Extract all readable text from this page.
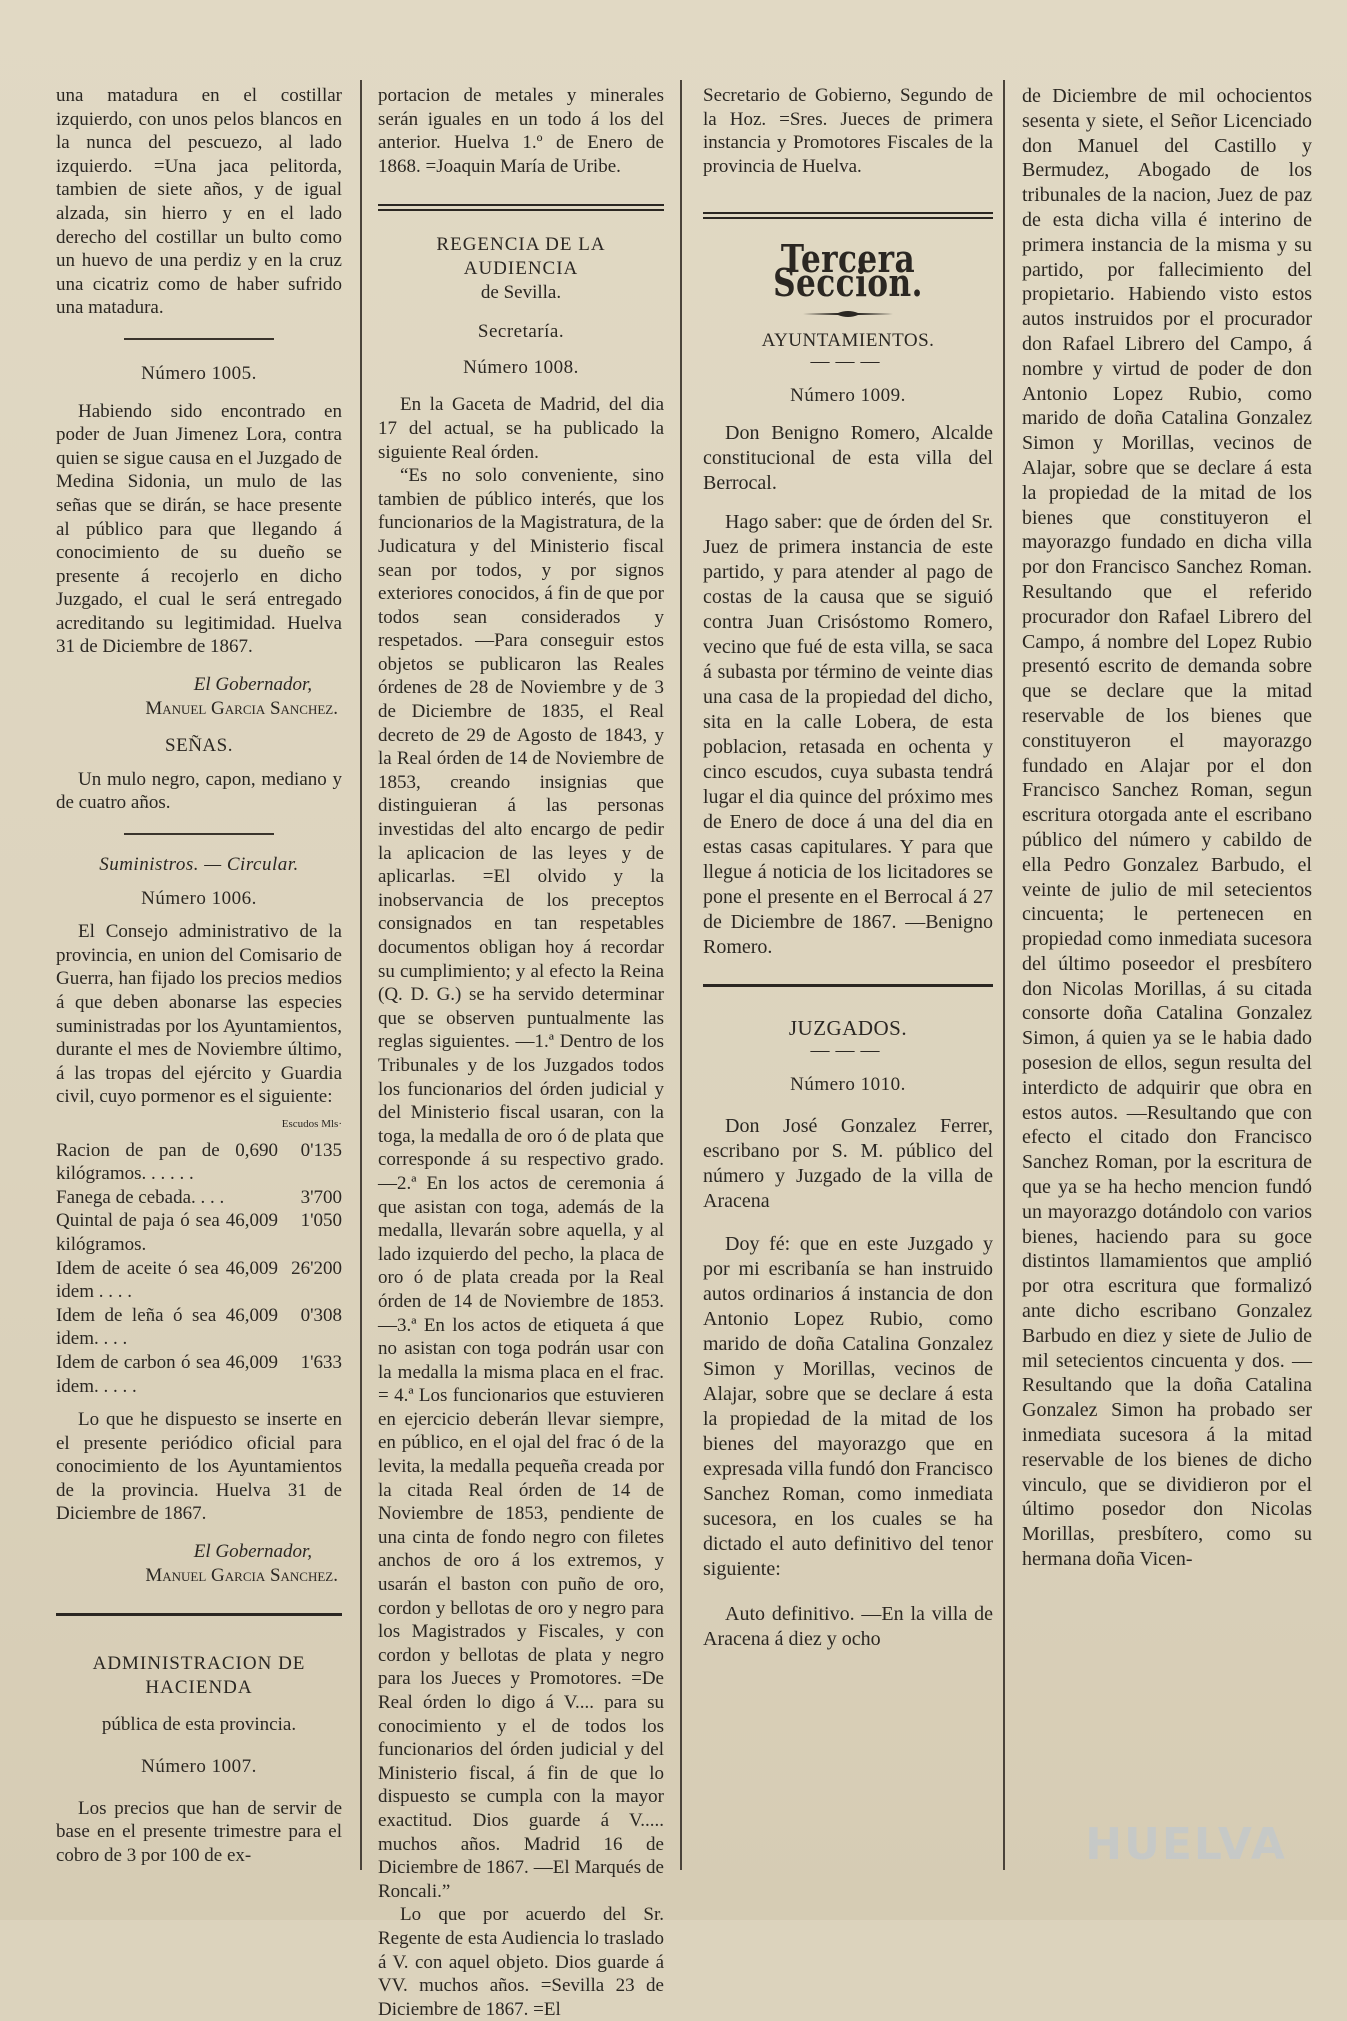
una matadura en el costillar izquierdo, con unos pelos blancos en la nunca del pescuezo, al lado izquierdo. =Una jaca pelitorda, tambien de siete años, y de igual alzada, sin hierro y en el lado derecho del costillar un bulto como un huevo de una perdiz y en la cruz una cicatriz como de haber sufrido una matadura.

Número 1005.

Habiendo sido encontrado en poder de Juan Jimenez Lora, contra quien se sigue causa en el Juzgado de Medina Sidonia, un mulo de las señas que se dirán, se hace presente al público para que llegando á conocimiento de su dueño se presente á recojerlo en dicho Juzgado, el cual le será entregado acreditando su legitimidad. Huelva 31 de Diciembre de 1867.

El Gobernador,
Manuel Garcia Sanchez.
SEÑAS.

Un mulo negro, capon, mediano y de cuatro años.

Suministros. — Circular.
Número 1006.

El Consejo administrativo de la provincia, en union del Comisario de Guerra, han fijado los precios medios á que deben abonarse las especies suministradas por los Ayuntamientos, durante el mes de Noviembre último, á las tropas del ejército y Guardia civil, cuyo pormenor es el siguiente:

Escudos Mls·
Racion de pan de 0,690 kilógramos. . . . . .
0'135
Fanega de cebada. . . .	3'700
Quintal de paja ó sea 46,009 kilógramos.
1'050
Idem de aceite ó sea 46,009 idem . . . .
26'200
Idem de leña ó sea 46,009 idem. . . .
0'308
Idem de carbon ó sea 46,009 idem. . . . .
1'633

Lo que he dispuesto se inserte en el presente periódico oficial para conocimiento de los Ayuntamientos de la provincia. Huelva 31 de Diciembre de 1867.

El Gobernador,
Manuel Garcia Sanchez.
ADMINISTRACION DE HACIENDA
pública de esta provincia.
Número 1007.

Los precios que han de servir de base en el presente trimestre para el cobro de 3 por 100 de ex-

portacion de metales y minerales serán iguales en un todo á los del anterior. Huelva 1.º de Enero de 1868. =Joaquin María de Uribe.

REGENCIA DE LA AUDIENCIA
de Sevilla.
Secretaría.
Número 1008.

En la Gaceta de Madrid, del dia 17 del actual, se ha publicado la siguiente Real órden.

“Es no solo conveniente, sino tambien de público interés, que los funcionarios de la Magistratura, de la Judicatura y del Ministerio fiscal sean por todos, y por signos exteriores conocidos, á fin de que por todos sean considerados y respetados. —Para conseguir estos objetos se publicaron las Reales órdenes de 28 de Noviembre y de 3 de Diciembre de 1835, el Real decreto de 29 de Agosto de 1843, y la Real órden de 14 de Noviembre de 1853, creando insignias que distinguieran á las personas investidas del alto encargo de pedir la aplicacion de las leyes y de aplicarlas. =El olvido y la inobservancia de los preceptos consignados en tan respetables documentos obligan hoy á recordar su cumplimiento; y al efecto la Reina (Q. D. G.) se ha servido determinar que se observen puntualmente las reglas siguientes. —1.ª Dentro de los Tribunales y de los Juzgados todos los funcionarios del órden judicial y del Ministerio fiscal usaran, con la toga, la medalla de oro ó de plata que corresponde á su respectivo grado. —2.ª En los actos de ceremonia á que asistan con toga, además de la medalla, llevarán sobre aquella, y al lado izquierdo del pecho, la placa de oro ó de plata creada por la Real órden de 14 de Noviembre de 1853. —3.ª En los actos de etiqueta á que no asistan con toga podrán usar con la medalla la misma placa en el frac. = 4.ª Los funcionarios que estuvieren en ejercicio deberán llevar siempre, en público, en el ojal del frac ó de la levita, la medalla pequeña creada por la citada Real órden de 14 de Noviembre de 1853, pendiente de una cinta de fondo negro con filetes anchos de oro á los extremos, y usarán el baston con puño de oro, cordon y bellotas de oro y negro para los Magistrados y Fiscales, y con cordon y bellotas de plata y negro para los Jueces y Promotores. =De Real órden lo digo á V.... para su conocimiento y el de todos los funcionarios del órden judicial y del Ministerio fiscal, á fin de que lo dispuesto se cumpla con la mayor exactitud. Dios guarde á V..... muchos años. Madrid 16 de Diciembre de 1867. —El Marqués de Roncali.”

Lo que por acuerdo del Sr. Regente de esta Audiencia lo traslado á V. con aquel objeto. Dios guarde á VV. muchos años. =Sevilla 23 de Diciembre de 1867. =El

Secretario de Gobierno, Segundo de la Hoz. =Sres. Jueces de primera instancia y Promotores Fiscales de la provincia de Huelva.

Tercera Seccion.
AYUNTAMIENTOS.
———
Número 1009.

Don Benigno Romero, Alcalde constitucional de esta villa del Berrocal.

Hago saber: que de órden del Sr. Juez de primera instancia de este partido, y para atender al pago de costas de la causa que se siguió contra Juan Crisóstomo Romero, vecino que fué de esta villa, se saca á subasta por término de veinte dias una casa de la propiedad del dicho, sita en la calle Lobera, de esta poblacion, retasada en ochenta y cinco escudos, cuya subasta tendrá lugar el dia quince del próximo mes de Enero de doce á una del dia en estas casas capitulares. Y para que llegue á noticia de los licitadores se pone el presente en el Berrocal á 27 de Diciembre de 1867. —Benigno Romero.

JUZGADOS.
———
Número 1010.

Don José Gonzalez Ferrer, escribano por S. M. público del número y Juzgado de la villa de Aracena

Doy fé: que en este Juzgado y por mi escribanía se han instruido autos ordinarios á instancia de don Antonio Lopez Rubio, como marido de doña Catalina Gonzalez Simon y Morillas, vecinos de Alajar, sobre que se declare á esta la propiedad de la mitad de los bienes del mayorazgo que en expresada villa fundó don Francisco Sanchez Roman, como inmediata sucesora, en los cuales se ha dictado el auto definitivo del tenor siguiente:

Auto definitivo. —En la villa de Aracena á diez y ocho

de Diciembre de mil ochocientos sesenta y siete, el Señor Licenciado don Manuel del Castillo y Bermudez, Abogado de los tribunales de la nacion, Juez de paz de esta dicha villa é interino de primera instancia de la misma y su partido, por fallecimiento del propietario. Habiendo visto estos autos instruidos por el procurador don Rafael Librero del Campo, á nombre y virtud de poder de don Antonio Lopez Rubio, como marido de doña Catalina Gonzalez Simon y Morillas, vecinos de Alajar, sobre que se declare á esta la propiedad de la mitad de los bienes que constituyeron el mayorazgo fundado en dicha villa por don Francisco Sanchez Roman. Resultando que el referido procurador don Rafael Librero del Campo, á nombre del Lopez Rubio presentó escrito de demanda sobre que se declare que la mitad reservable de los bienes que constituyeron el mayorazgo fundado en Alajar por el don Francisco Sanchez Roman, segun escritura otorgada ante el escribano público del número y cabildo de ella Pedro Gonzalez Barbudo, el veinte de julio de mil setecientos cincuenta; le pertenecen en propiedad como inmediata sucesora del último poseedor el presbítero don Nicolas Morillas, á su citada consorte doña Catalina Gonzalez Simon, á quien ya se le habia dado posesion de ellos, segun resulta del interdicto de adquirir que obra en estos autos. —Resultando que con efecto el citado don Francisco Sanchez Roman, por la escritura de que ya se ha hecho mencion fundó un mayorazgo dotándolo con varios bienes, haciendo para su goce distintos llamamientos que amplió por otra escritura que formalizó ante dicho escribano Gonzalez Barbudo en diez y siete de Julio de mil setecientos cincuenta y dos. —Resultando que la doña Catalina Gonzalez Simon ha probado ser inmediata sucesora á la mitad reservable de los bienes de dicho vinculo, que se dividieron por el último posedor don Nicolas Morillas, presbítero, como su hermana doña Vicen-

HUELVA
